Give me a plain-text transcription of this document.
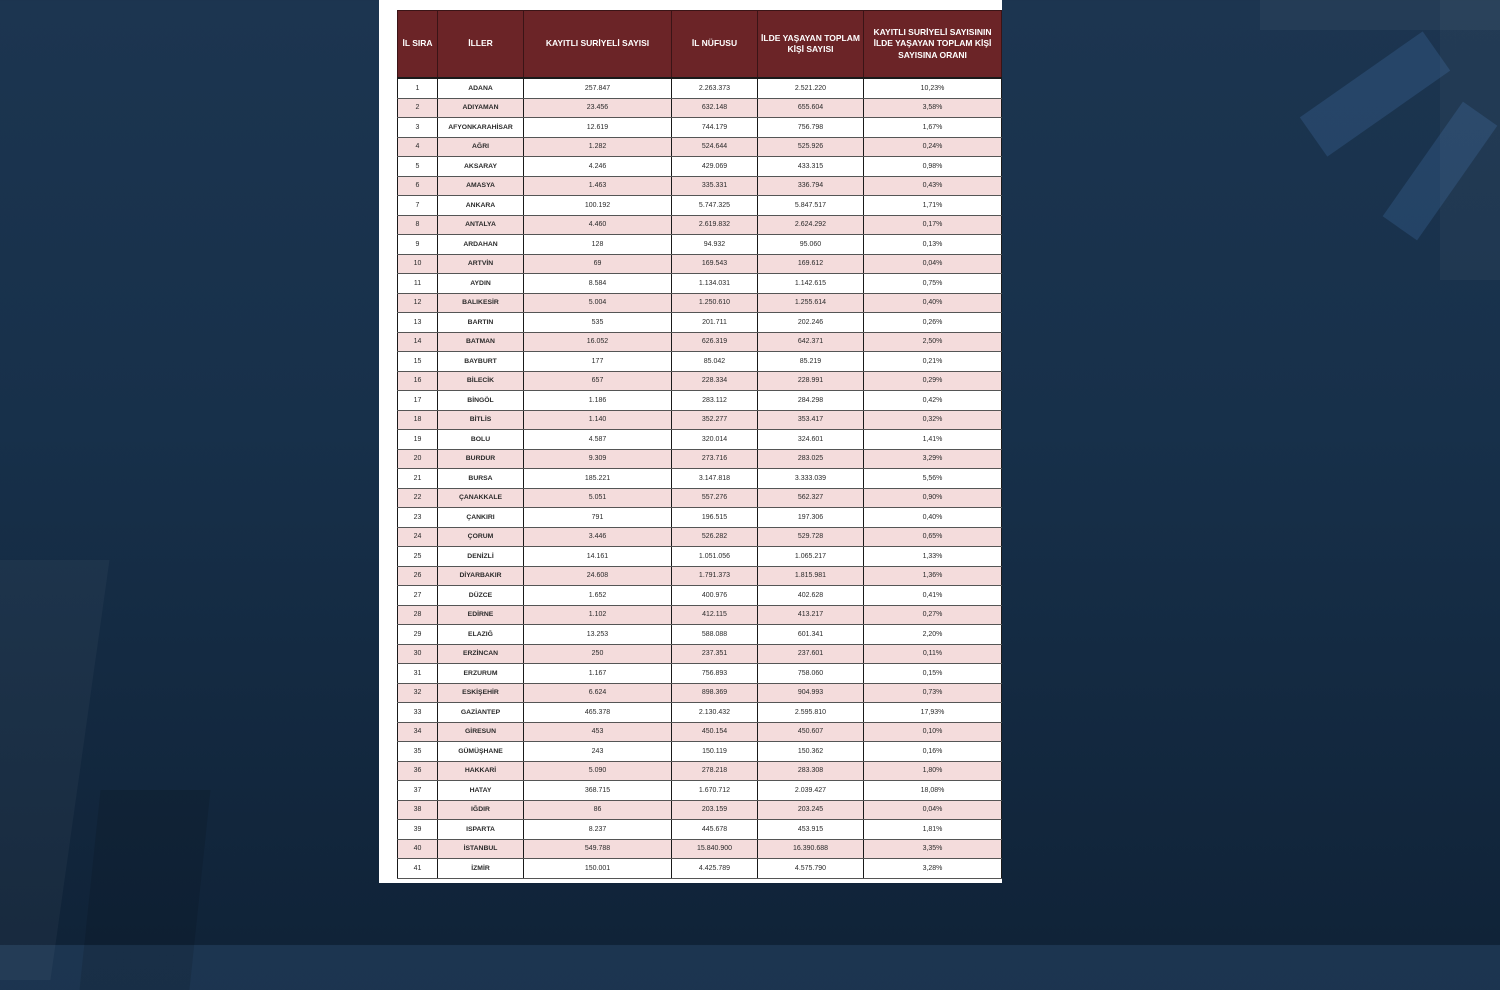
İL SIRA	İLLER	KAYITLI SURİYELİ SAYISI	İL NÜFUSU	İLDE YAŞAYAN TOPLAM KİŞİ SAYISI	KAYITLI SURİYELİ SAYISININ İLDE YAŞAYAN TOPLAM KİŞİ SAYISINA ORANI
1	ADANA	257.847	2.263.373	2.521.220	10,23%
2	ADIYAMAN	23.456	632.148	655.604	3,58%
3	AFYONKARAHİSAR	12.619	744.179	756.798	1,67%
4	AĞRI	1.282	524.644	525.926	0,24%
5	AKSARAY	4.246	429.069	433.315	0,98%
6	AMASYA	1.463	335.331	336.794	0,43%
7	ANKARA	100.192	5.747.325	5.847.517	1,71%
8	ANTALYA	4.460	2.619.832	2.624.292	0,17%
9	ARDAHAN	128	94.932	95.060	0,13%
10	ARTVİN	69	169.543	169.612	0,04%
11	AYDIN	8.584	1.134.031	1.142.615	0,75%
12	BALIKESİR	5.004	1.250.610	1.255.614	0,40%
13	BARTIN	535	201.711	202.246	0,26%
14	BATMAN	16.052	626.319	642.371	2,50%
15	BAYBURT	177	85.042	85.219	0,21%
16	BİLECİK	657	228.334	228.991	0,29%
17	BİNGÖL	1.186	283.112	284.298	0,42%
18	BİTLİS	1.140	352.277	353.417	0,32%
19	BOLU	4.587	320.014	324.601	1,41%
20	BURDUR	9.309	273.716	283.025	3,29%
21	BURSA	185.221	3.147.818	3.333.039	5,56%
22	ÇANAKKALE	5.051	557.276	562.327	0,90%
23	ÇANKIRI	791	196.515	197.306	0,40%
24	ÇORUM	3.446	526.282	529.728	0,65%
25	DENİZLİ	14.161	1.051.056	1.065.217	1,33%
26	DİYARBAKIR	24.608	1.791.373	1.815.981	1,36%
27	DÜZCE	1.652	400.976	402.628	0,41%
28	EDİRNE	1.102	412.115	413.217	0,27%
29	ELAZIĞ	13.253	588.088	601.341	2,20%
30	ERZİNCAN	250	237.351	237.601	0,11%
31	ERZURUM	1.167	756.893	758.060	0,15%
32	ESKİŞEHİR	6.624	898.369	904.993	0,73%
33	GAZİANTEP	465.378	2.130.432	2.595.810	17,93%
34	GİRESUN	453	450.154	450.607	0,10%
35	GÜMÜŞHANE	243	150.119	150.362	0,16%
36	HAKKARİ	5.090	278.218	283.308	1,80%
37	HATAY	368.715	1.670.712	2.039.427	18,08%
38	IĞDIR	86	203.159	203.245	0,04%
39	ISPARTA	8.237	445.678	453.915	1,81%
40	İSTANBUL	549.788	15.840.900	16.390.688	3,35%
41	İZMİR	150.001	4.425.789	4.575.790	3,28%
